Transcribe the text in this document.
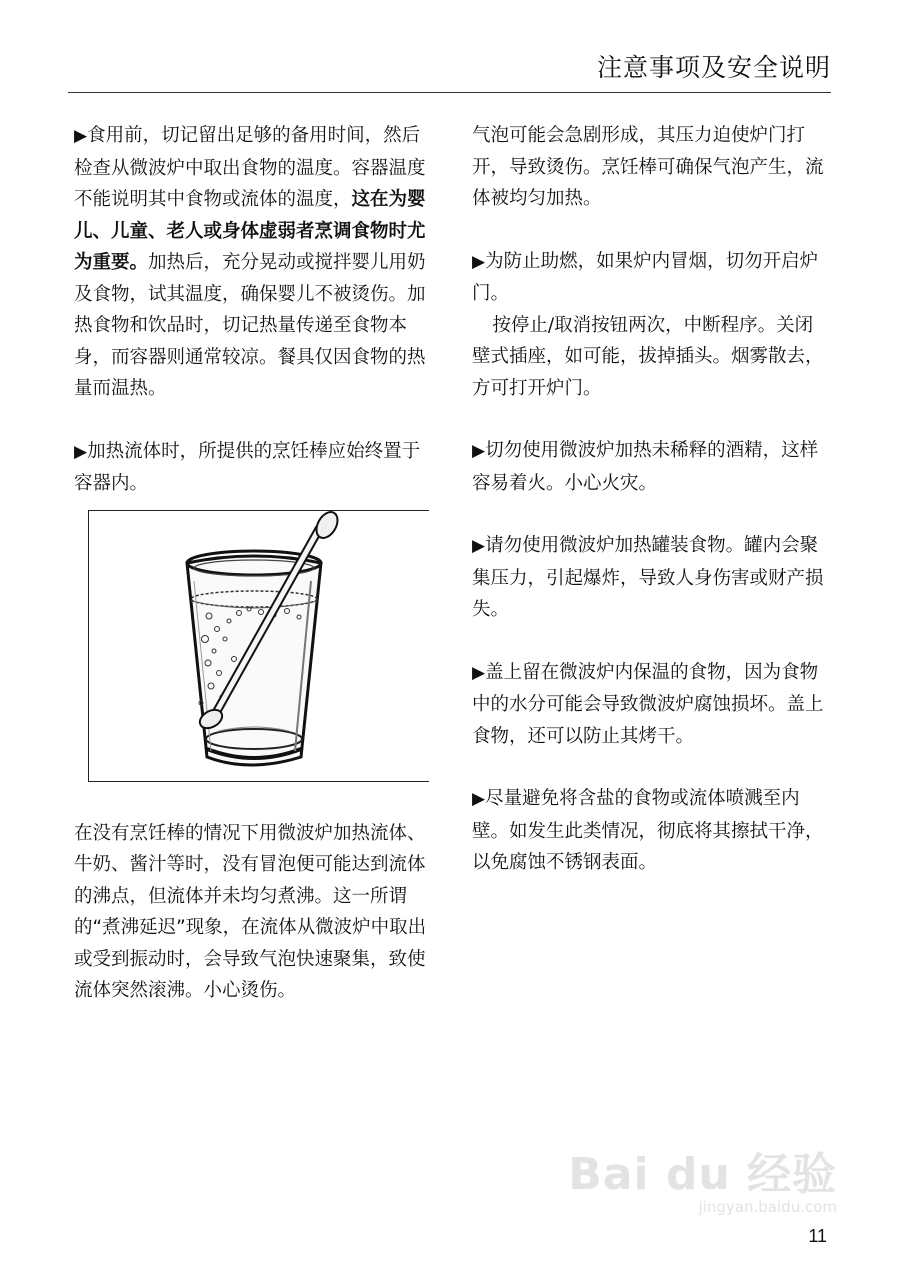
注意事项及安全说明

▶食用前，切记留出足够的备用时间，然后检查从微波炉中取出食物的温度。容器温度不能说明其中食物或流体的温度，这在为婴儿、儿童、老人或身体虚弱者烹调食物时尤为重要。加热后，充分晃动或搅拌婴儿用奶及食物，试其温度，确保婴儿不被烫伤。加热食物和饮品时，切记热量传递至食物本身，而容器则通常较凉。餐具仅因食物的热量而温热。

▶加热流体时，所提供的烹饪棒应始终置于容器内。

在没有烹饪棒的情况下用微波炉加热流体、牛奶、酱汁等时，没有冒泡便可能达到流体的沸点，但流体并未均匀煮沸。这一所谓的“煮沸延迟”现象，在流体从微波炉中取出或受到振动时，会导致气泡快速聚集，致使流体突然滚沸。小心烫伤。

气泡可能会急剧形成，其压力迫使炉门打开，导致烫伤。烹饪棒可确保气泡产生，流体被均匀加热。

▶为防止助燃，如果炉内冒烟，切勿开启炉门。

按停止/取消按钮两次，中断程序。关闭壁式插座，如可能，拔掉插头。烟雾散去，方可打开炉门。

▶切勿使用微波炉加热未稀释的酒精，这样容易着火。小心火灾。

▶请勿使用微波炉加热罐装食物。罐内会聚集压力，引起爆炸，导致人身伤害或财产损失。

▶盖上留在微波炉内保温的食物，因为食物中的水分可能会导致微波炉腐蚀损坏。盖上食物，还可以防止其烤干。

▶尽量避免将含盐的食物或流体喷溅至内壁。如发生此类情况，彻底将其擦拭干净，以免腐蚀不锈钢表面。

Bai du 经验
jingyan.baidu.com
11
